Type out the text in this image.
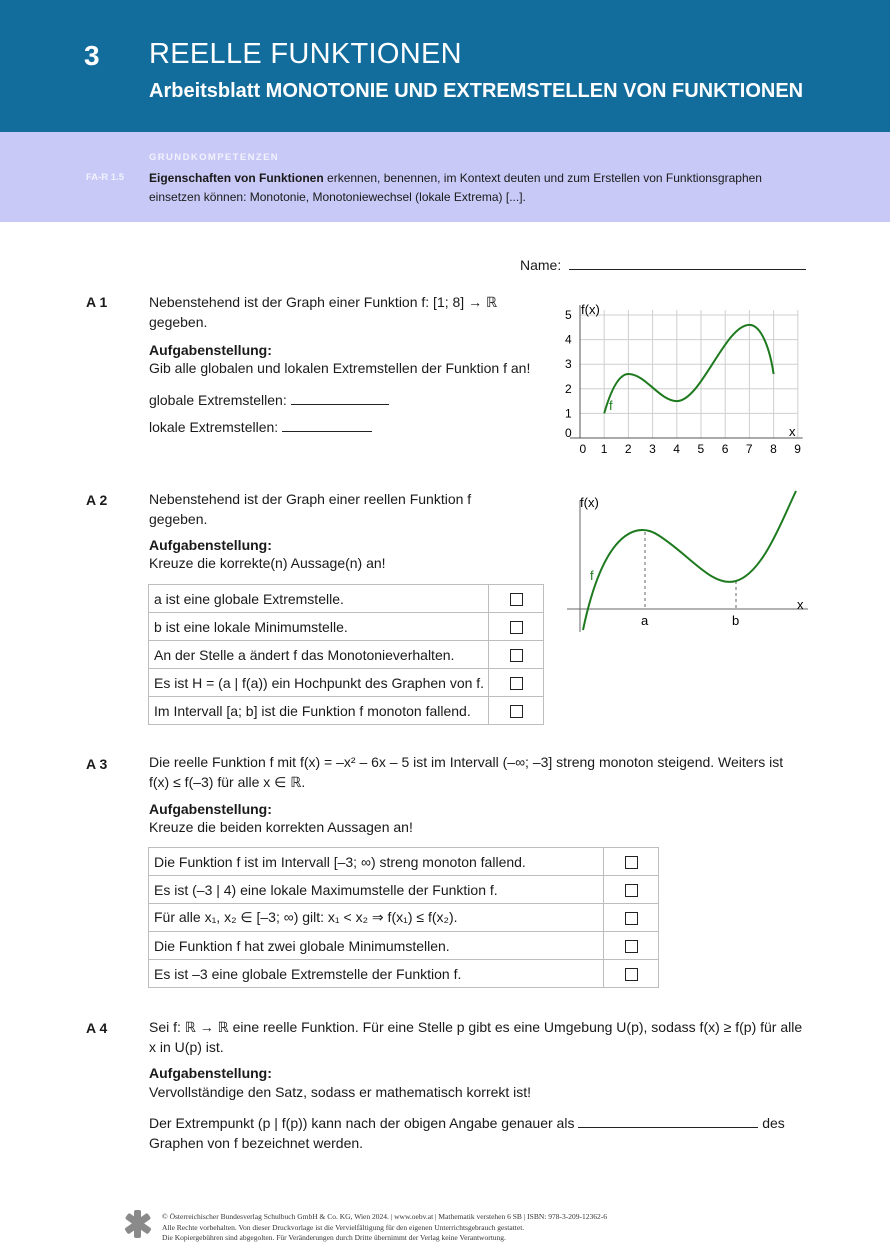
3 REELLE FUNKTIONEN
Arbeitsblatt MONOTONIE UND EXTREMSTELLEN VON FUNKTIONEN
GRUNDKOMPETENZEN
FA-R 1.5 Eigenschaften von Funktionen erkennen, benennen, im Kontext deuten und zum Erstellen von Funktionsgraphen einsetzen können: Monotonie, Monotoniewechsel (lokale Extrema) [...].
Name:
A 1	Nebenstehend ist der Graph einer Funktion f: [1; 8] → ℝ gegeben.
Aufgabenstellung:
Gib alle globalen und lokalen Extremstellen der Funktion f an!
globale Extremstellen:
lokale Extremstellen:
f(x)
x
f
0 1 2 3 4 5 6 7 8 9
0
1
2
3
4
5
A 2	Nebenstehend ist der Graph einer reellen Funktion f gegeben.
Aufgabenstellung:
Kreuze die korrekte(n) Aussage(n) an!
a ist eine globale Extremstelle.	
b ist eine lokale Minimumstelle.	
An der Stelle a ändert f das Monotonieverhalten.	
Es ist H = (a | f(a)) ein Hochpunkt des Graphen von f.	
Im Intervall [a; b] ist die Funktion f monoton fallend.	
f(x)
x
f
a	b
A 3	Die reelle Funktion f mit f(x) = –x² – 6x – 5 ist im Intervall (–∞; –3] streng monoton steigend. Weiters ist f(x) ≤ f(–3) für alle x ∈ ℝ.
Aufgabenstellung:
Kreuze die beiden korrekten Aussagen an!
Die Funktion f ist im Intervall [–3; ∞) streng monoton fallend.	
Es ist (–3 | 4) eine lokale Maximumstelle der Funktion f.	
Für alle x₁, x₂ ∈ [–3; ∞) gilt: x₁ < x₂ ⇒ f(x₁) ≤ f(x₂).	
Die Funktion f hat zwei globale Minimumstellen.	
Es ist –3 eine globale Extremstelle der Funktion f.	
A 4	Sei f: ℝ → ℝ eine reelle Funktion. Für eine Stelle p gibt es eine Umgebung U(p), sodass f(x) ≥ f(p) für alle x in U(p) ist.
Aufgabenstellung:
Vervollständige den Satz, sodass er mathematisch korrekt ist!
Der Extrempunkt (p | f(p)) kann nach der obigen Angabe genauer als	des
Graphen von f bezeichnet werden.
© Österreichischer Bundesverlag Schulbuch GmbH & Co. KG, Wien 2024. | www.oebv.at | Mathematik verstehen 6 SB | ISBN: 978-3-209-12362-6
Alle Rechte vorbehalten. Von dieser Druckvorlage ist die Vervielfältigung für den eigenen Unterrichtsgebrauch gestattet.
Die Kopiergebühren sind abgegolten. Für Veränderungen durch Dritte übernimmt der Verlag keine Verantwortung.
